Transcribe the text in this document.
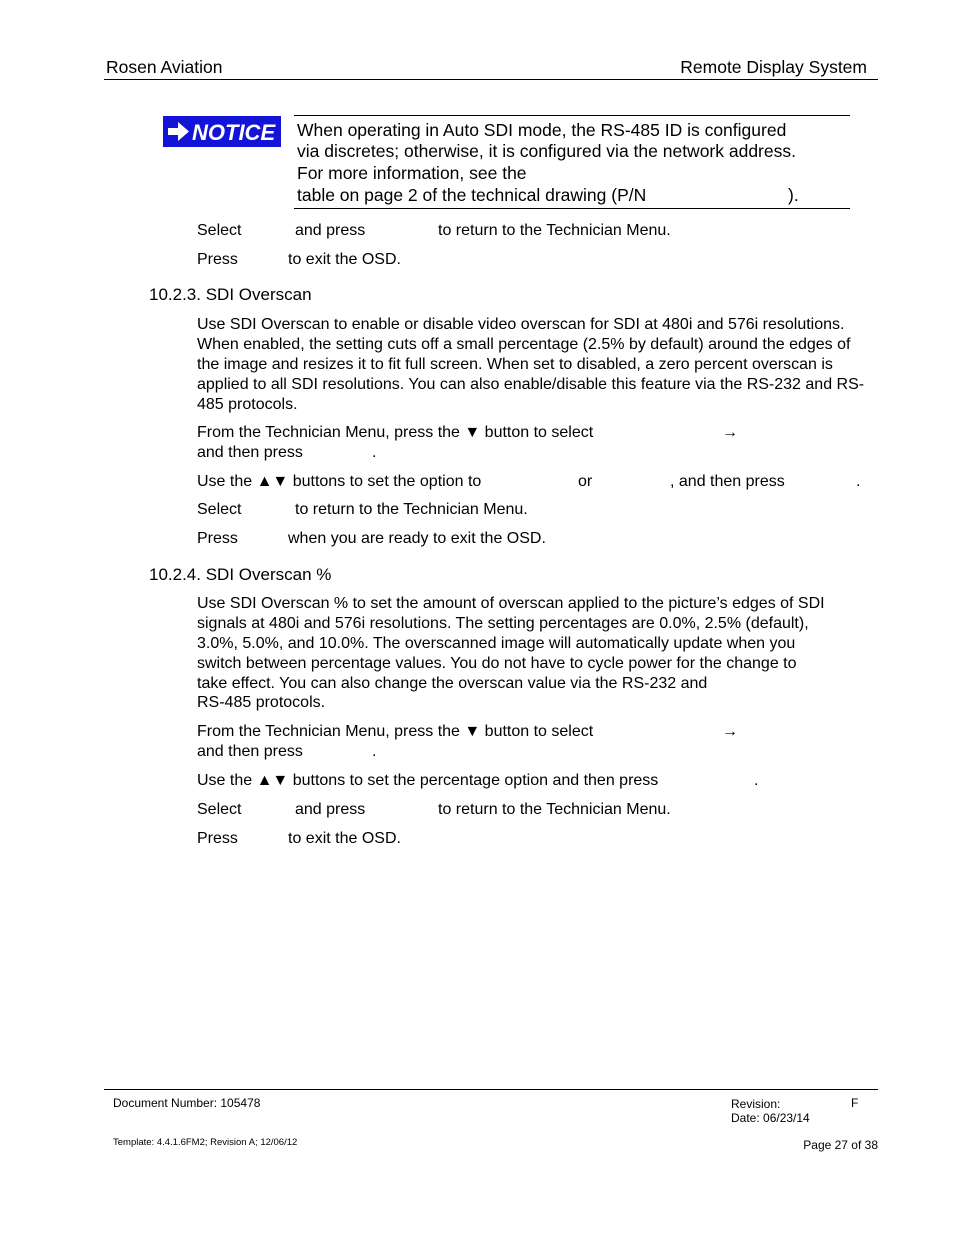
Rosen Aviation	Remote Display System
NOTICE When operating in Auto SDI mode, the RS-485 ID is configured
via discretes; otherwise, it is configured via the network address.
For more information, see the
table on page 2 of the technical drawing (P/N	).
Select	and press	to return to the Technician Menu.
Press	to exit the OSD.
10.2.3. SDI Overscan
Use SDI Overscan to enable or disable video overscan for SDI at 480i and 576i resolutions. When enabled, the setting cuts off a small percentage (2.5% by default) around the edges of the image and resizes it to fit full screen. When set to disabled, a zero percent overscan is applied to all SDI resolutions. You can also enable/disable this feature via the RS-232 and RS-485 protocols.
From the Technician Menu, press the ▼ button to select	→
and then press	.
Use the ▲▼ buttons to set the option to	or	, and then press	.
Select	to return to the Technician Menu.
Press	when you are ready to exit the OSD.
10.2.4. SDI Overscan %
Use SDI Overscan % to set the amount of overscan applied to the picture’s edges of SDI
signals at 480i and 576i resolutions. The setting percentages are 0.0%, 2.5% (default),
3.0%, 5.0%, and 10.0%. The overscanned image will automatically update when you
switch between percentage values. You do not have to cycle power for the change to
take effect. You can also change the overscan value via the RS-232 and
RS-485 protocols.
From the Technician Menu, press the ▼ button to select	→
and then press	.
Use the ▲▼ buttons to set the percentage option and then press	.
Select	and press	to return to the Technician Menu.
Press	to exit the OSD.
Document Number: 105478	Revision:	F
Date: 06/23/14
Template: 4.4.1.6FM2; Revision A; 12/06/12	Page 27 of 38
